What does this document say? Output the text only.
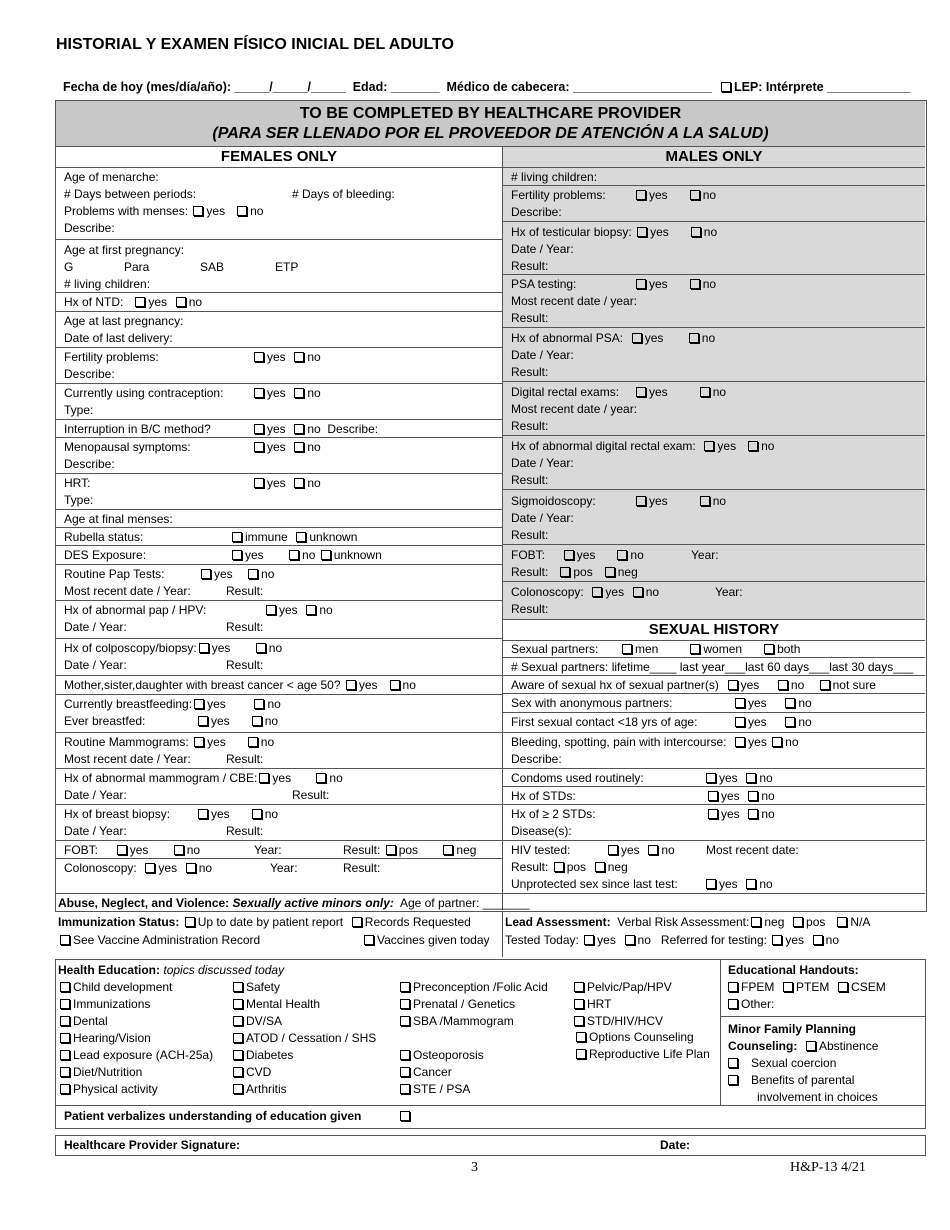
HISTORIAL Y EXAMEN FÍSICO INICIAL DEL ADULTO

Fecha de hoy (mes/día/año): _____/_____/_____ Edad: _______ Médico de cabecera: ____________________ LEP: Intérprete ____________

TO BE COMPLETED BY HEALTHCARE PROVIDER
(PARA SER LLENADO POR EL PROVEEDOR DE ATENCIÓN A LA SALUD)
FEMALES ONLY	MALES ONLY
Age of menarche:
# Days between periods:	# Days of bleeding:
Problems with menses: yes no
Describe:
Age at first pregnancy:
G	Para	SAB	ETP
# living children:
Hx of NTD: yes no
Age at last pregnancy:
Date of last delivery:
Fertility problems:	yes no
Describe:
Currently using contraception:	yes no
Type:
Interruption in B/C method?	yes no Describe:
Menopausal symptoms:	yes no
Describe:
HRT:	yes no
Type:
Age at final menses:
Rubella status:	immune unknown
DES Exposure:	yes	no unknown
Routine Pap Tests:	yes no
Most recent date / Year:	Result:
Hx of abnormal pap / HPV:	yes no
Date / Year:	Result:
Hx of colposcopy/biopsy: yes	no
Date / Year:	Result:
Mother,sister,daughter with breast cancer < age 50? yes no
Currently breastfeeding: yes	no
Ever breastfed:	yes	no
Routine Mammograms: yes	no
Most recent date / Year:	Result:
Hx of abnormal mammogram / CBE: yes	no
Date / Year:	Result:
Hx of breast biopsy:	yes	no
Date / Year:	Result:
FOBT:	yes	no	Year:	Result: pos	neg
Colonoscopy: yes no	Year:	Result:
# living children:
Fertility problems:	yes	no
Describe:
Hx of testicular biopsy: yes	no
Date / Year:
Result:
PSA testing:	yes	no
Most recent date / year:
Result:
Hx of abnormal PSA: yes	no
Date / Year:
Result:
Digital rectal exams:	yes	no
Most recent date / year:
Result:
Hx of abnormal digital rectal exam: yes no
Date / Year:
Result:
Sigmoidoscopy:	yes	no
Date / Year:
Result:
FOBT:	yes	no	Year:
Result: pos neg
Colonoscopy: yes no	Year:
Result:
SEXUAL HISTORY
Sexual partners:	men	women	both
# Sexual partners: lifetime____ last year___last 60 days___last 30 days___
Aware of sexual hx of sexual partner(s) yes	no not sure
Sex with anonymous partners:	yes	no
First sexual contact <18 yrs of age:	yes	no
Bleeding, spotting, pain with intercourse: yes no
Describe:
Condoms used routinely:	yes no
Hx of STDs:	yes no
Hx of ≥ 2 STDs:	yes no
Disease(s):
HIV tested:	yes no	Most recent date:
Result: pos neg
Unprotected sex since last test:	yes no
Abuse, Neglect, and Violence: Sexually active minors only: Age of partner: _______
Immunization Status: Up to date by patient report Records Requested
See Vaccine Administration Record	Vaccines given today
Lead Assessment: Verbal Risk Assessment: neg pos N/A
Tested Today: yes no Referred for testing: yes no
Health Education: topics discussed today
Child development
Immunizations
Dental
Hearing/Vision
Lead exposure (ACH-25a)
Diet/Nutrition
Physical activity
Safety
Mental Health
DV/SA
ATOD / Cessation / SHS
Diabetes
CVD
Arthritis
Preconception /Folic Acid
Prenatal / Genetics
SBA /Mammogram
Osteoporosis
Cancer
STE / PSA
Pelvic/Pap/HPV
HRT
STD/HIV/HCV
Options Counseling
Reproductive Life Plan
Educational Handouts:
FPEM PTEM CSEM
Other:
Minor Family Planning
Counseling: Abstinence
Sexual coercion
Benefits of parental
involvement in choices
Patient verbalizes understanding of education given
Healthcare Provider Signature:	Date:
3	H&P-13 4/21
